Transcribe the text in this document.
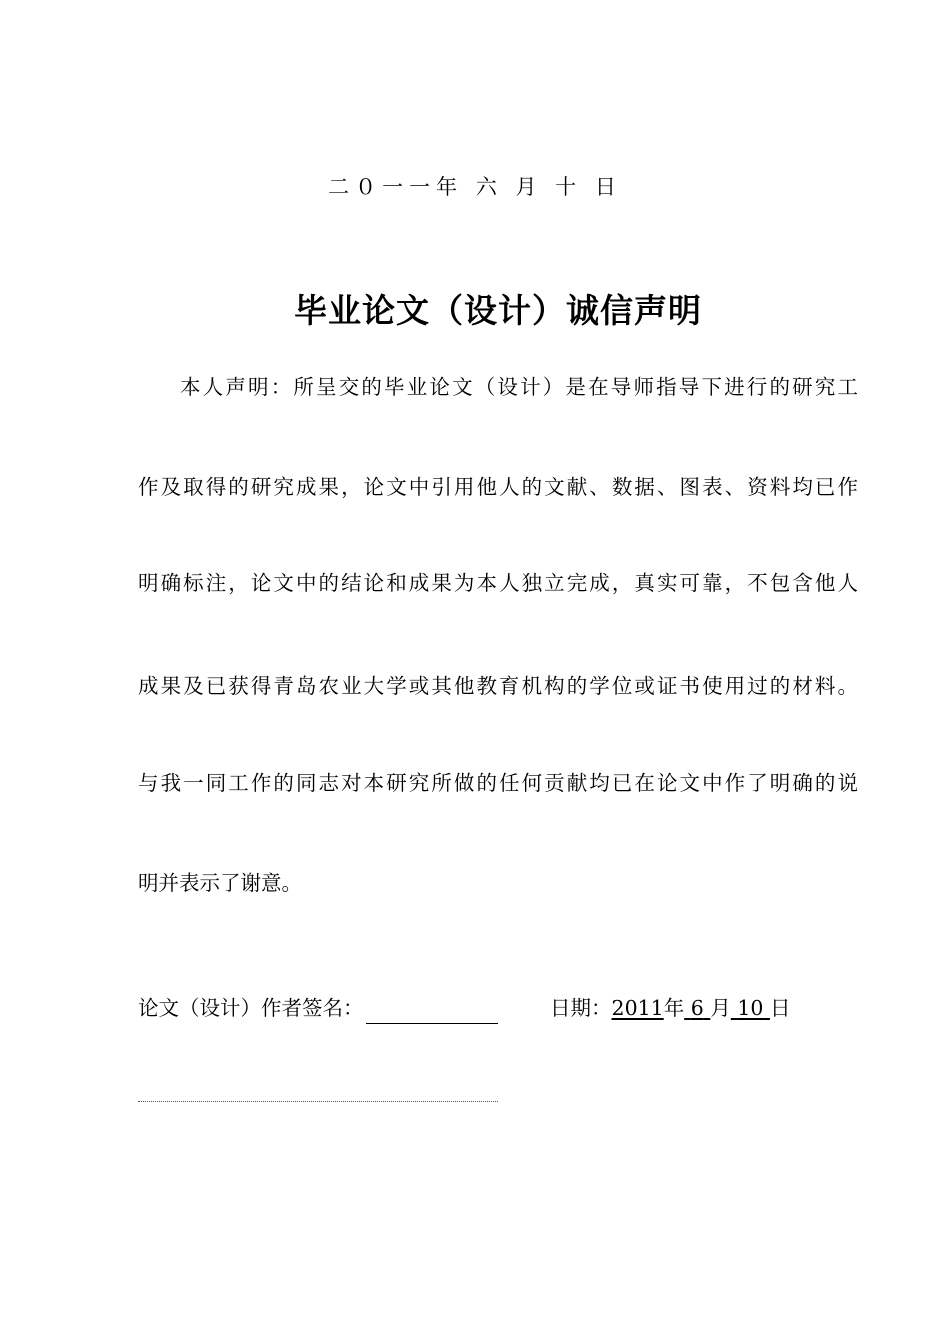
二０一一年 六 月 十 日
毕业论文（设计）诚信声明
本人声明：所呈交的毕业论文（设计）是在导师指导下进行的研究工
作及取得的研究成果，论文中引用他人的文献、数据、图表、资料均已作
明确标注，论文中的结论和成果为本人独立完成，真实可靠，不包含他人
成果及已获得青岛农业大学或其他教育机构的学位或证书使用过的材料。
与我一同工作的同志对本研究所做的任何贡献均已在论文中作了明确的说
明并表示了谢意。
论文（设计）作者签名：	日期：2011年 6 月 10 日
